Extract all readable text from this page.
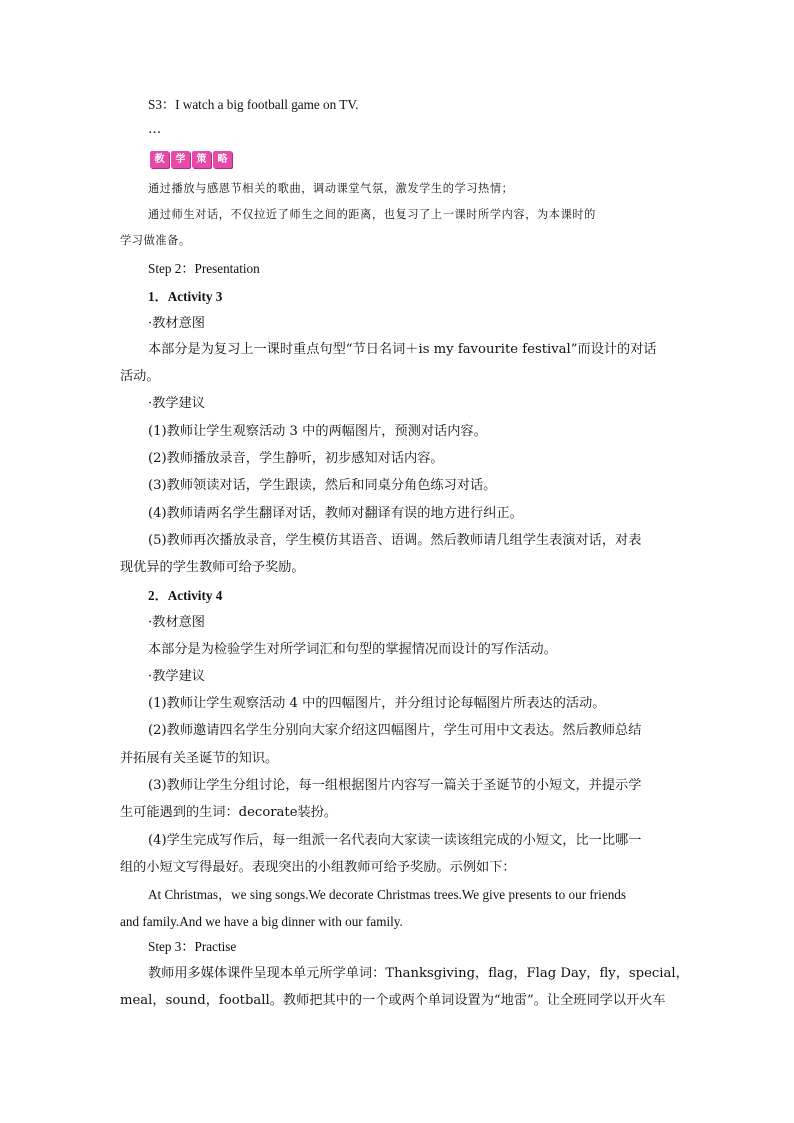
S3：I watch a big football game on TV.
…
教	学	策	略
通过播放与感恩节相关的歌曲，调动课堂气氛，激发学生的学习热情；
通过师生对话，不仅拉近了师生之间的距离，也复习了上一课时所学内容，为本课时的
学习做准备。
Step 2：Presentation
1．Activity 3
·教材意图
本部分是为复习上一课时重点句型“节日名词＋is my favourite festival”而设计的对话
活动。
·教学建议
(1)教师让学生观察活动 3 中的两幅图片，预测对话内容。
(2)教师播放录音，学生静听，初步感知对话内容。
(3)教师领读对话，学生跟读，然后和同桌分角色练习对话。
(4)教师请两名学生翻译对话，教师对翻译有误的地方进行纠正。
(5)教师再次播放录音，学生模仿其语音、语调。然后教师请几组学生表演对话，对表
现优异的学生教师可给予奖励。
2．Activity 4
·教材意图
本部分是为检验学生对所学词汇和句型的掌握情况而设计的写作活动。
·教学建议
(1)教师让学生观察活动 4 中的四幅图片，并分组讨论每幅图片所表达的活动。
(2)教师邀请四名学生分别向大家介绍这四幅图片，学生可用中文表达。然后教师总结
并拓展有关圣诞节的知识。
(3)教师让学生分组讨论，每一组根据图片内容写一篇关于圣诞节的小短文，并提示学
生可能遇到的生词：decorate装扮。
(4)学生完成写作后，每一组派一名代表向大家读一读该组完成的小短文，比一比哪一
组的小短文写得最好。表现突出的小组教师可给予奖励。示例如下：
At Christmas，we sing songs.We decorate Christmas trees.We give presents to our friends
and family.And we have a big dinner with our family.
Step 3：Practise
教师用多媒体课件呈现本单元所学单词：Thanksgiving，flag，Flag Day，fly，special，
meal，sound，football。教师把其中的一个或两个单词设置为“地雷”。让全班同学以开火车
